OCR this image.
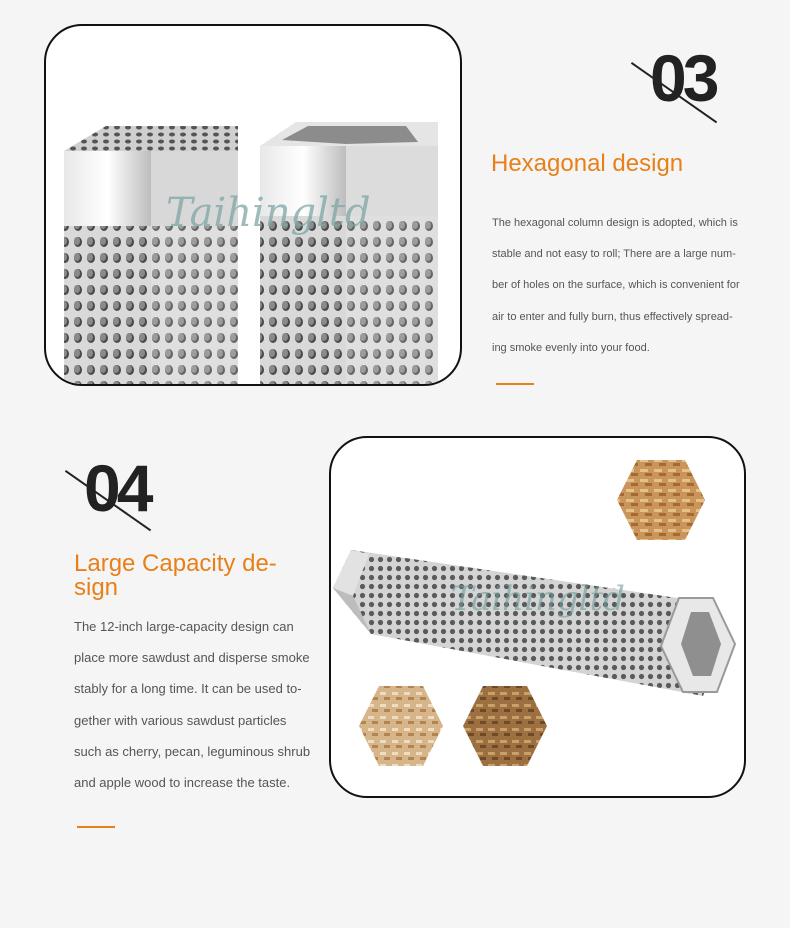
Taihingltd
03
Hexagonal design
The hexagonal column design is adopted, which is
stable and not easy to roll; There are a large num-
ber of holes on the surface, which is convenient for
air to enter and fully burn, thus effectively spread-
ing smoke evenly into your food.
04
Large Capacity de-
sign
The 12-inch large-capacity design can
place more sawdust and disperse smoke
stably for a long time. It can be used to-
gether with various sawdust particles
such as cherry, pecan, leguminous shrub
and apple wood to increase the taste.
Taihingltd
